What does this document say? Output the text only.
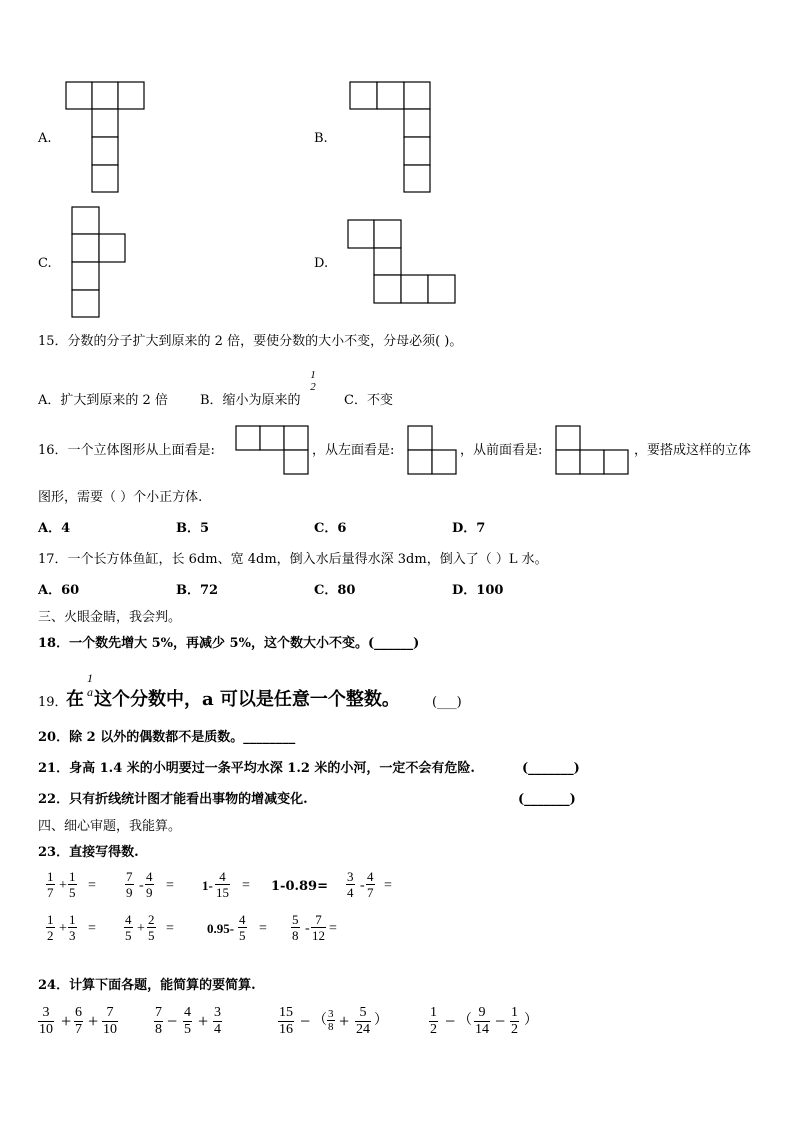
A.	B.
C.	D.
15．分数的分子扩大到原来的 2 倍，要使分数的大小不变，分母必须( )。
A．扩大到原来的 2 倍 B．缩小为原来的
1
2
C．不变
16．一个立体图形从上面看是:	，从左面看是:	，从前面看是:	，要搭成这样的立体
图形，需要（ ）个小正方体.
A．4	B．5	C．6	D．7
17．一个长方体鱼缸，长 6dm、宽 4dm，倒入水后量得水深 3dm，倒入了（ ）L 水。
A．60	B．72	C．80	D．100
三、火眼金睛，我会判。
18．一个数先增大 5%，再减少 5%，这个数大小不变。(______)
19．
在
1
a 这个分数中，a 可以是任意一个整数。 (___)
20．除 2 以外的偶数都不是质数。________
21．身高 1.4 米的小明要过一条平均水深 1.2 米的小河，一定不会有危险.	(_______)
22．只有折线统计图才能看出事物的增减变化.	(_______)
四、细心审题，我能算。
23．直接写得数.
$\frac{1}{7} + \frac{1}{5} = \frac{7}{9} - \frac{4}{9} = 1- \frac{4}{15} = 1-0.89= \frac{3}{4} - \frac{4}{7}$ =
$\frac{1}{2} + \frac{1}{3} = \frac{4}{5} + \frac{2}{5}$ =	$0.95- \frac{4}{5} = \frac{5}{8} - \frac{7}{12}$ =
24．计算下面各题，能简算的要简算.
$\frac{3}{10} + \frac{6}{7} + \frac{7}{10}$	$\frac{7}{8} - \frac{4}{5} + \frac{3}{4}$	$\frac{15}{16}$ − （ $\frac{3}{8} + \frac{5}{24}$ ）	$\frac{1}{2}$ − （ $\frac{9}{14} - \frac{1}{2}$ ）
